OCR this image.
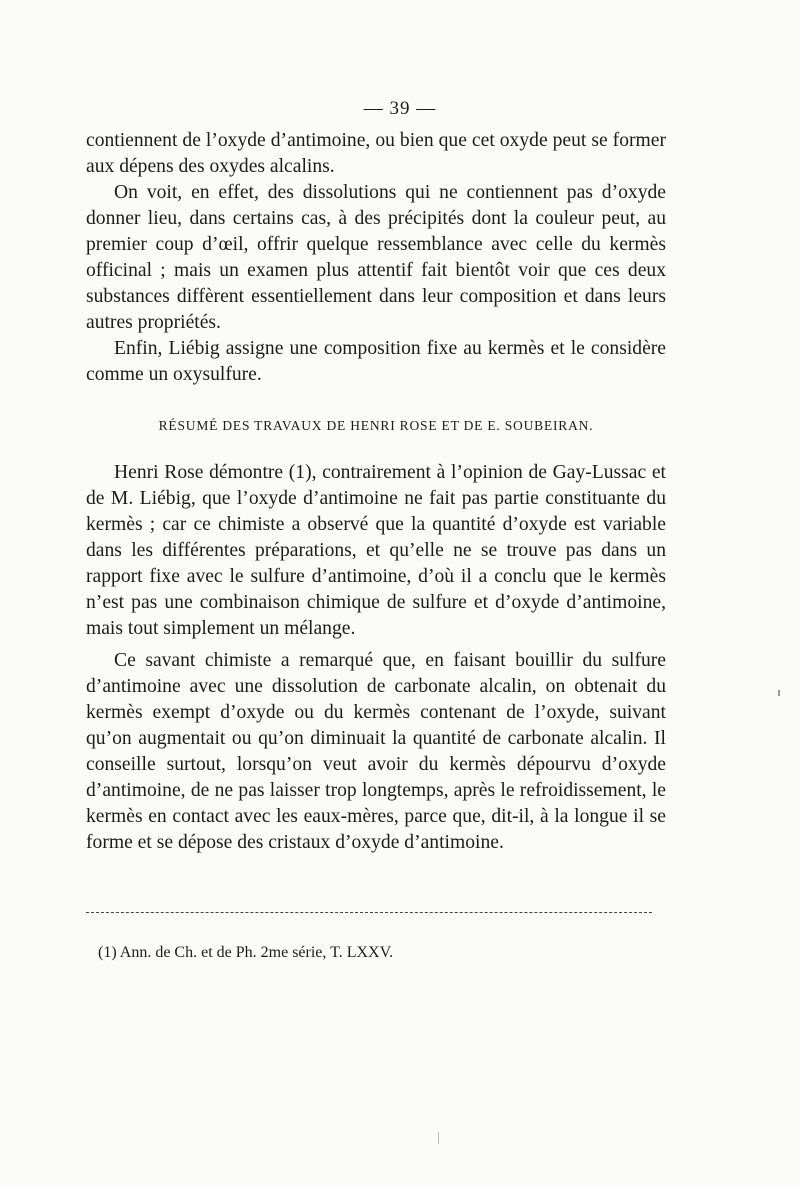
— 39 —

contiennent de l’oxyde d’antimoine, ou bien que cet oxyde peut se former aux dépens des oxydes alcalins.

On voit, en effet, des dissolutions qui ne contiennent pas d’oxyde donner lieu, dans certains cas, à des précipités dont la couleur peut, au premier coup d’œil, offrir quelque ressemblance avec celle du kermès officinal ; mais un examen plus attentif fait bientôt voir que ces deux substances diffèrent essentiellement dans leur composition et dans leurs autres propriétés.

Enfin, Liébig assigne une composition fixe au kermès et le considère comme un oxysulfure.

RÉSUMÉ DES TRAVAUX DE HENRI ROSE ET DE E. SOUBEIRAN.

Henri Rose démontre (1), contrairement à l’opinion de Gay-Lussac et de M. Liébig, que l’oxyde d’antimoine ne fait pas partie constituante du kermès ; car ce chimiste a observé que la quantité d’oxyde est variable dans les différentes préparations, et qu’elle ne se trouve pas dans un rapport fixe avec le sulfure d’antimoine, d’où il a conclu que le kermès n’est pas une combinaison chimique de sulfure et d’oxyde d’antimoine, mais tout simplement un mélange.

Ce savant chimiste a remarqué que, en faisant bouillir du sulfure d’antimoine avec une dissolution de carbonate alcalin, on obtenait du kermès exempt d’oxyde ou du kermès contenant de l’oxyde, suivant qu’on augmentait ou qu’on diminuait la quantité de carbonate alcalin. Il conseille surtout, lorsqu’on veut avoir du kermès dépourvu d’oxyde d’antimoine, de ne pas laisser trop longtemps, après le refroidissement, le kermès en contact avec les eaux-mères, parce que, dit-il, à la longue il se forme et se dépose des cristaux d’oxyde d’antimoine.

(1) Ann. de Ch. et de Ph. 2me série, T. LXXV.
